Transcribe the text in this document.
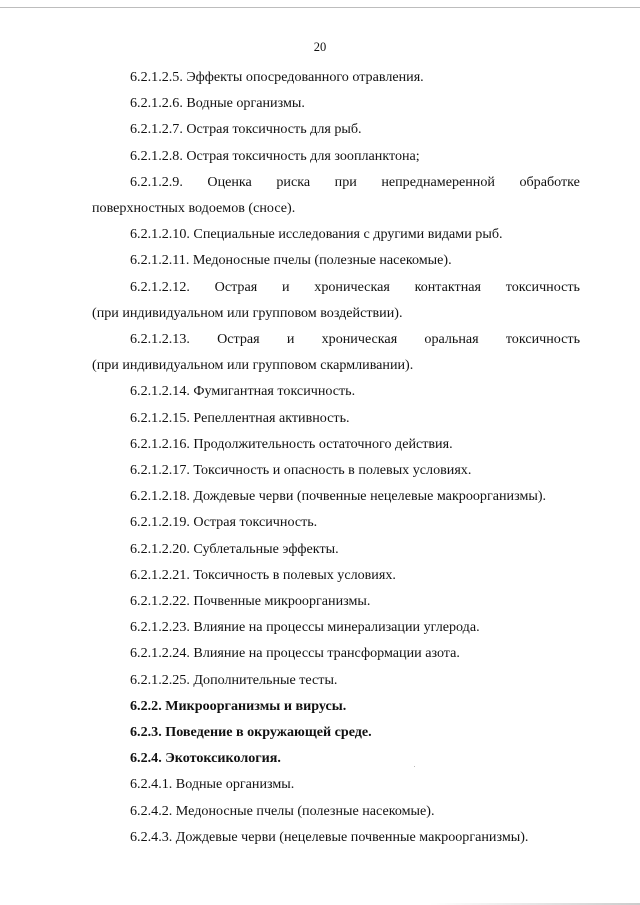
20
6.2.1.2.5. Эффекты опосредованного отравления.
6.2.1.2.6. Водные организмы.
6.2.1.2.7. Острая токсичность для рыб.
6.2.1.2.8. Острая токсичность для зоопланктона;
6.2.1.2.9. Оценка риска при непреднамеренной обработке
поверхностных водоемов (сносе).
6.2.1.2.10. Специальные исследования с другими видами рыб.
6.2.1.2.11. Медоносные пчелы (полезные насекомые).
6.2.1.2.12. Острая и хроническая контактная токсичность
(при индивидуальном или групповом воздействии).
6.2.1.2.13. Острая и хроническая оральная токсичность
(при индивидуальном или групповом скармливании).
6.2.1.2.14. Фумигантная токсичность.
6.2.1.2.15. Репеллентная активность.
6.2.1.2.16. Продолжительность остаточного действия.
6.2.1.2.17. Токсичность и опасность в полевых условиях.
6.2.1.2.18. Дождевые черви (почвенные нецелевые макроорганизмы).
6.2.1.2.19. Острая токсичность.
6.2.1.2.20. Сублетальные эффекты.
6.2.1.2.21. Токсичность в полевых условиях.
6.2.1.2.22. Почвенные микроорганизмы.
6.2.1.2.23. Влияние на процессы минерализации углерода.
6.2.1.2.24. Влияние на процессы трансформации азота.
6.2.1.2.25. Дополнительные тесты.
6.2.2. Микроорганизмы и вирусы.
6.2.3. Поведение в окружающей среде.
6.2.4. Экотоксикология.
6.2.4.1. Водные организмы.
6.2.4.2. Медоносные пчелы (полезные насекомые).
6.2.4.3. Дождевые черви (нецелевые почвенные макроорганизмы).
